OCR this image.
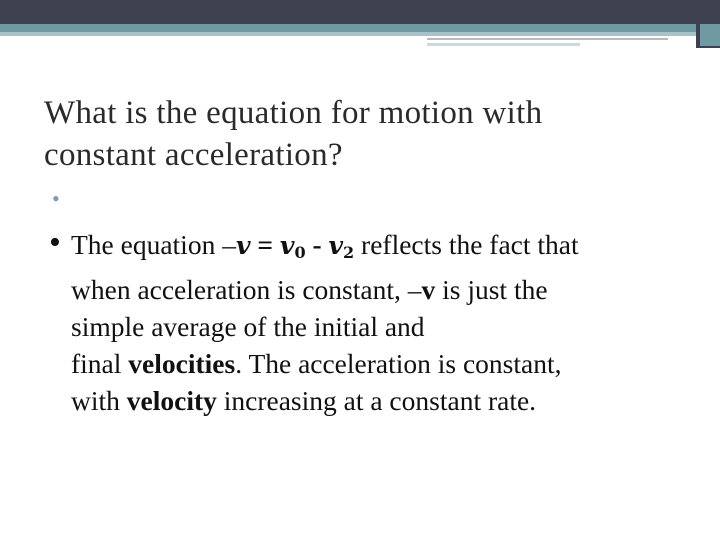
What is the equation for motion with
constant acceleration?
•
• The equation $-v = v_0 - v_2$ reflects the fact that
when acceleration is constant, –v is just the
simple average of the initial and
final velocities. The acceleration is constant,
with velocity increasing at a constant rate.
